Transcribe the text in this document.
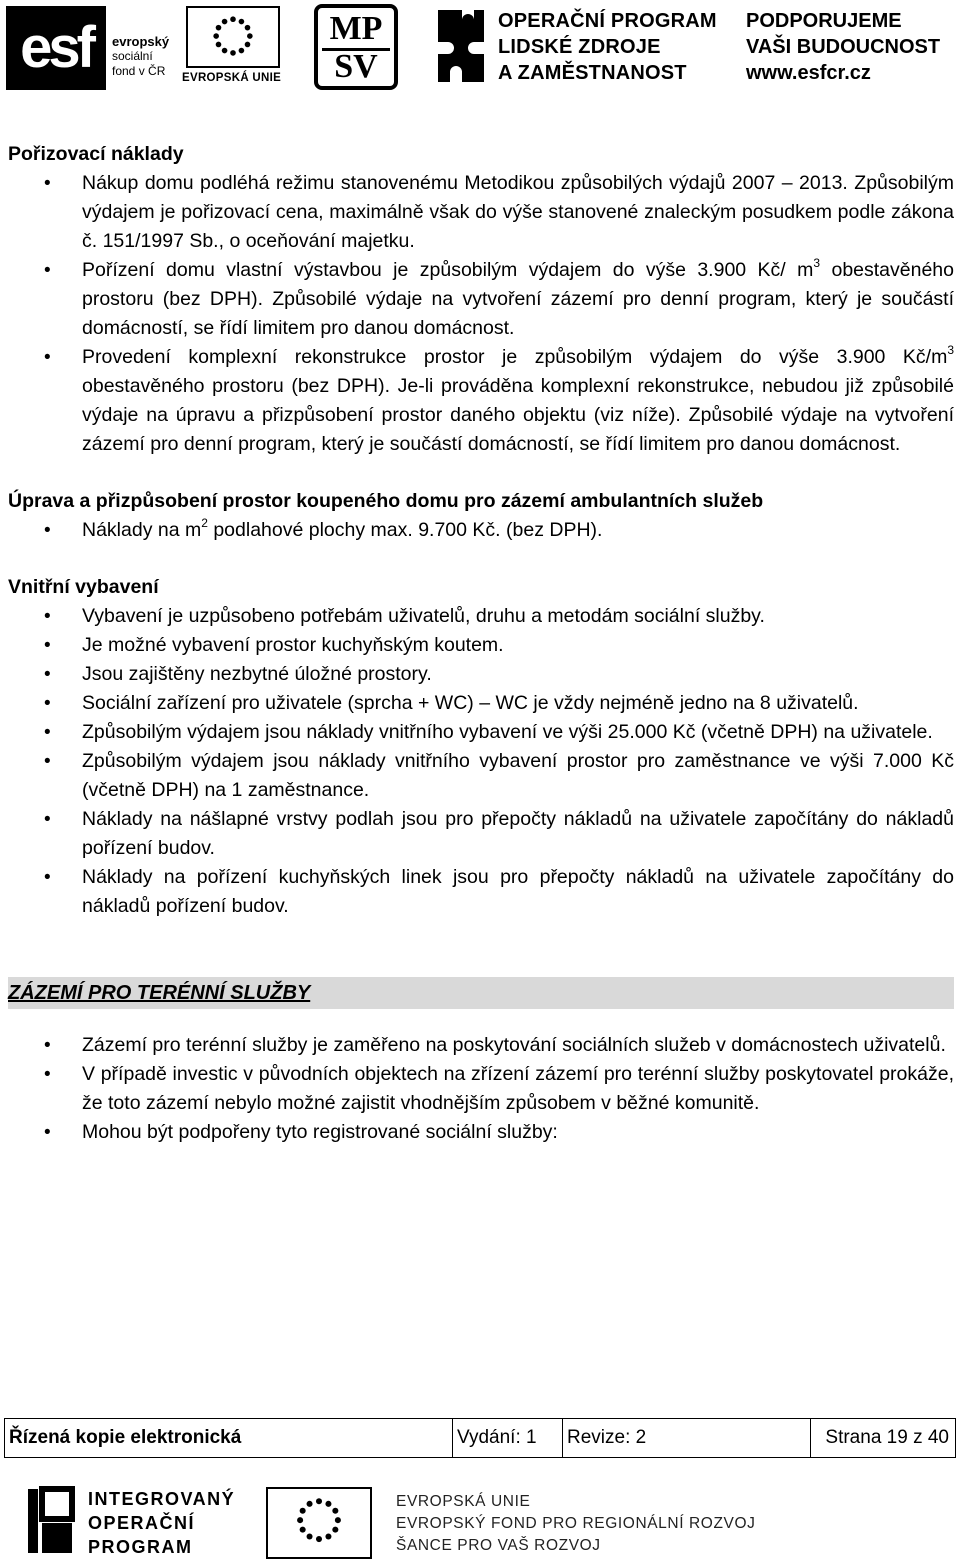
esf	evropský
sociální
fond v ČR	EVROPSKÁ UNIE
MP
SV
OPERAČNÍ PROGRAM
LIDSKÉ ZDROJE
A ZAMĚSTNANOST
PODPORUJEME
VAŠI BUDOUCNOST
www.esfcr.cz

Pořizovací náklady

• Nákup domu podléhá režimu stanovenému Metodikou způsobilých výdajů 2007 – 2013. Způsobilým výdajem je pořizovací cena, maximálně však do výše stanovené znaleckým posudkem podle zákona č. 151/1997 Sb., o oceňování majetku.
• Pořízení domu vlastní výstavbou je způsobilým výdajem do výše 3.900 Kč/ $m^3$ obestavěného prostoru (bez DPH). Způsobilé výdaje na vytvoření zázemí pro denní program, který je součástí domácností, se řídí limitem pro danou domácnost.
• Provedení komplexní rekonstrukce prostor je způsobilým výdajem do výše 3.900 $Kč/m^3$ obestavěného prostoru (bez DPH). Je-li prováděna komplexní rekonstrukce, nebudou již způsobilé výdaje na úpravu a přizpůsobení prostor daného objektu (viz níže). Způsobilé výdaje na vytvoření zázemí pro denní program, který je součástí domácností, se řídí limitem pro danou domácnost.

Úprava a přizpůsobení prostor koupeného domu pro zázemí ambulantních služeb

• Náklady na $m^2$ podlahové plochy max. 9.700 Kč. (bez DPH).

Vnitřní vybavení

• Vybavení je uzpůsobeno potřebám uživatelů, druhu a metodám sociální služby.
• Je možné vybavení prostor kuchyňským koutem.
• Jsou zajištěny nezbytné úložné prostory.
• Sociální zařízení pro uživatele (sprcha + WC) – WC je vždy nejméně jedno na 8 uživatelů.
• Způsobilým výdajem jsou náklady vnitřního vybavení ve výši 25.000 Kč (včetně DPH) na uživatele.
• Způsobilým výdajem jsou náklady vnitřního vybavení prostor pro zaměstnance ve výši 7.000 Kč (včetně DPH) na 1 zaměstnance.
• Náklady na nášlapné vrstvy podlah jsou pro přepočty nákladů na uživatele započítány do nákladů pořízení budov.
• Náklady na pořízení kuchyňských linek jsou pro přepočty nákladů na uživatele započítány do nákladů pořízení budov.

ZÁZEMÍ PRO TERÉNNÍ SLUŽBY

• Zázemí pro terénní služby je zaměřeno na poskytování sociálních služeb v domácnostech uživatelů.
• V případě investic v původních objektech na zřízení zázemí pro terénní služby poskytovatel prokáže, že toto zázemí nebylo možné zajistit vhodnějším způsobem v běžné komunitě.
• Mohou být podpořeny tyto registrované sociální služby:
Řízená kopie elektronická	Vydání: 1	Revize: 2	Strana 19 z 40
INTEGROVANÝ
OPERAČNÍ
PROGRAM
EVROPSKÁ UNIE
EVROPSKÝ FOND PRO REGIONÁLNÍ ROZVOJ
ŠANCE PRO VAŠ ROZVOJ
